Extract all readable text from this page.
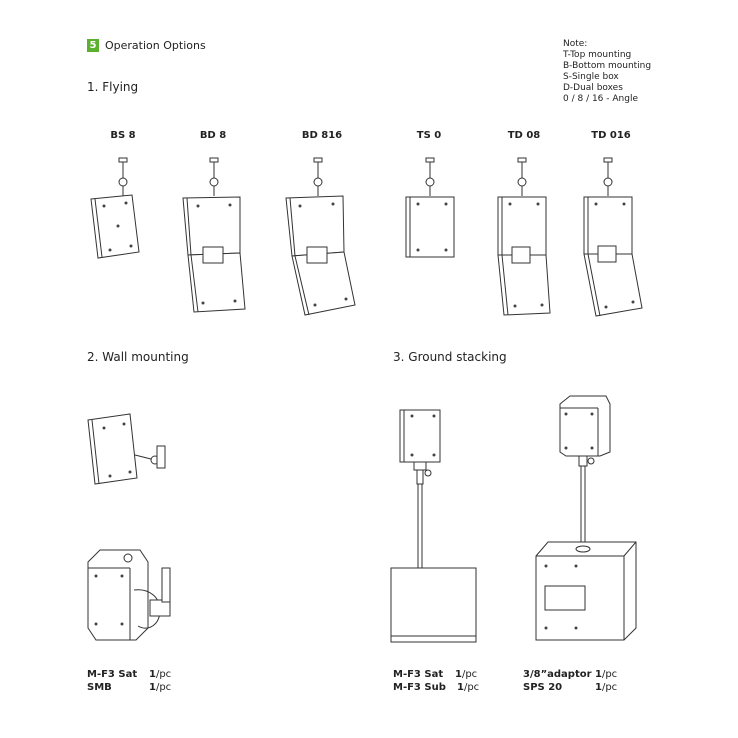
5 Operation Options	Note:
T-Top mounting
B-Bottom mounting
S-Single box
D-Dual boxes
0 / 8 / 16 - Angle
1. Flying
2. Wall mounting	3. Ground stacking
BS 8	BD 8	BD 816	TS 0	TD 08	TD 016
M-F3 Sat	1/pc
SMB	1/pc
M-F3 Sat	1/pc
M-F3 Sub	1/pc
3/8”adaptor 1/pc
SPS 20	1/pc
